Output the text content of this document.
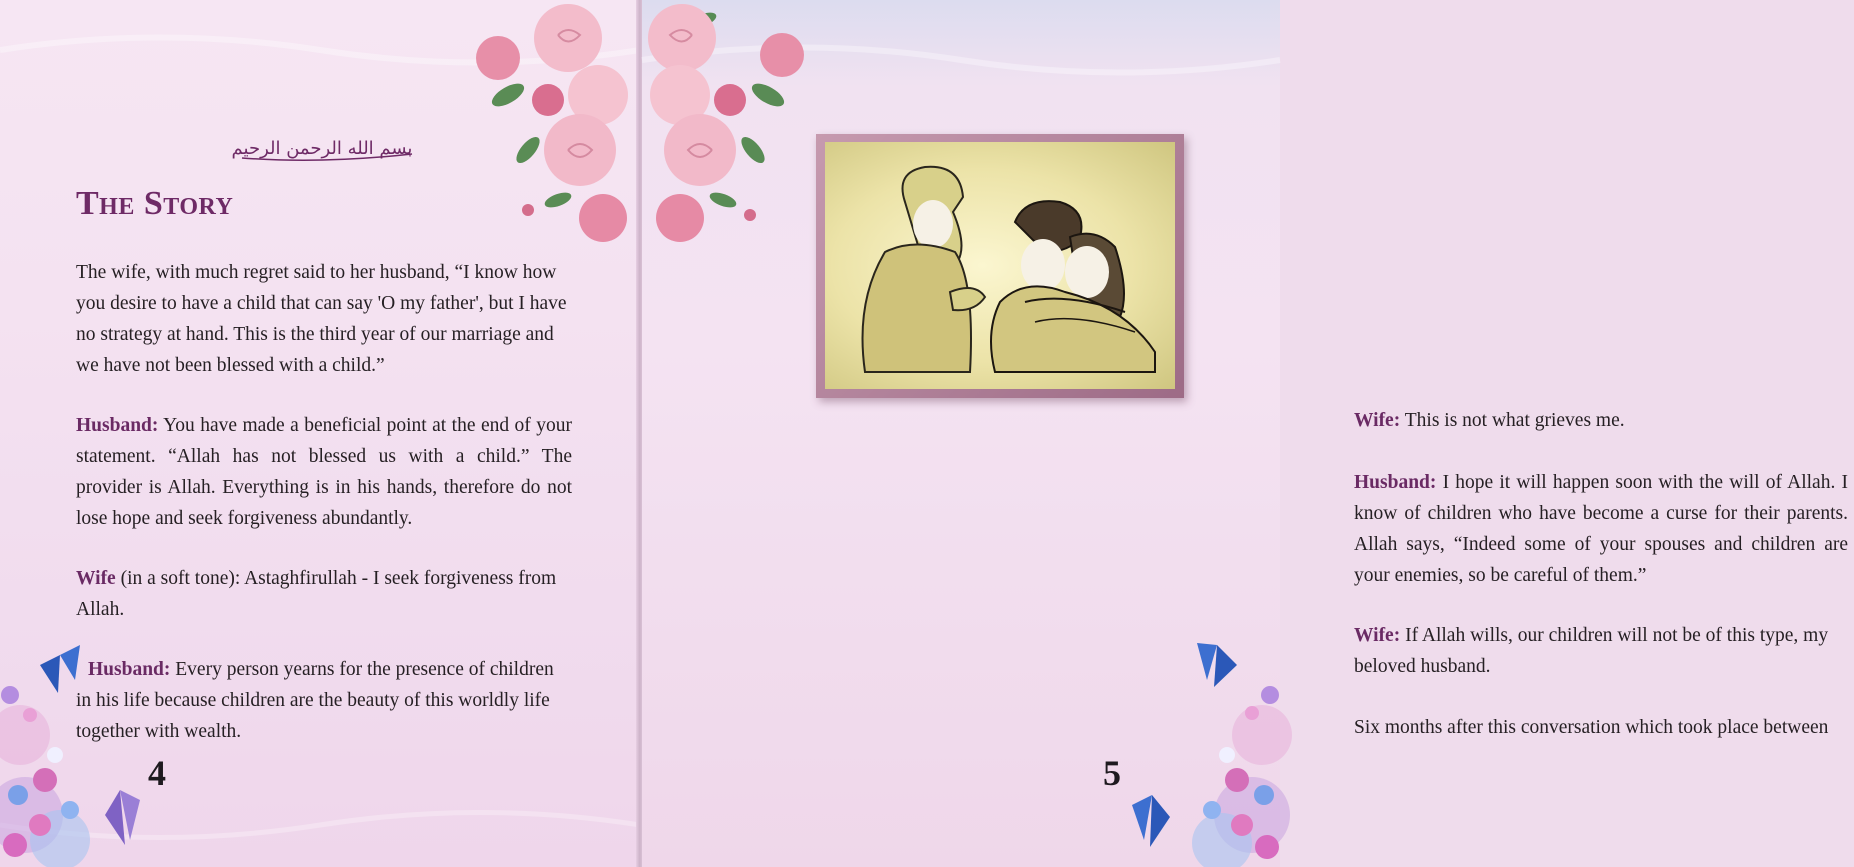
بسم الله الرحمن الرحيم
The Story

The wife, with much regret said to her husband, “I know how you desire to have a child that can say 'O my father', but I have no strategy at hand. This is the third year of our marriage and we have not been blessed with a child.”

Husband: You have made a beneficial point at the end of your statement. “Allah has not blessed us with a child.” The provider is Allah. Everything is in his hands, therefore do not lose hope and seek forgiveness abundantly.

Wife (in a soft tone): Astaghfirullah - I seek forgiveness from Allah.

Husband: Every person yearns for the presence of children in his life because children are the beauty of this worldly life together with wealth.

4

Wife: This is not what grieves me.

Husband: I hope it will happen soon with the will of Allah. I know of children who have become a curse for their parents. Allah says, “Indeed some of your spouses and children are your enemies, so be careful of them.”

Wife: If Allah wills, our children will not be of this type, my beloved husband.

Six months after this conversation which took place between

5
